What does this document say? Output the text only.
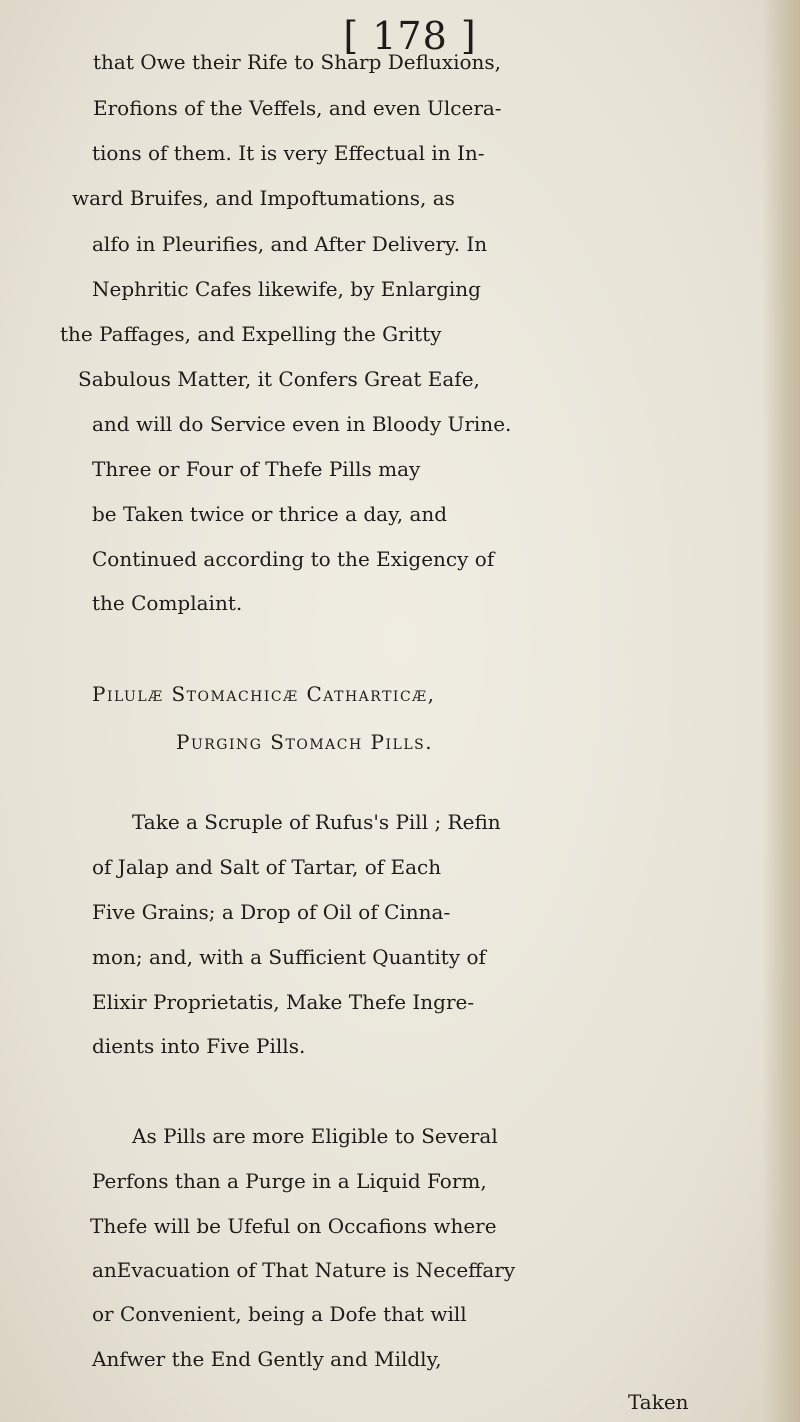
[ 178 ]
that Owe their Rife to Sharp Defluxions,
Erofions of the Veffels, and even Ulcera-
tions of them. It is very Effectual in In-
ward Bruifes, and Impoftumations, as
alfo in Pleurifies, and After Delivery. In
Nephritic Cafes likewife, by Enlarging
the Paffages, and Expelling the Gritty
Sabulous Matter, it Confers Great Eafe,
and will do Service even in Bloody Urine.
Three or Four of Thefe Pills may
be Taken twice or thrice a day, and
Continued according to the Exigency of
the Complaint.
Pilulæ Stomachicæ Catharticæ,
Purging Stomach Pills.
Take a Scruple of Rufus's Pill ; Refin
of Jalap and Salt of Tartar, of Each
Five Grains; a Drop of Oil of Cinna-
mon; and, with a Sufficient Quantity of
Elixir Proprietatis, Make Thefe Ingre-
dients into Five Pills.
As Pills are more Eligible to Several
Perfons than a Purge in a Liquid Form,
Thefe will be Ufeful on Occafions where
anEvacuation of That Nature is Neceffary
or Convenient, being a Dofe that will
Anfwer the End Gently and Mildly,
Taken
